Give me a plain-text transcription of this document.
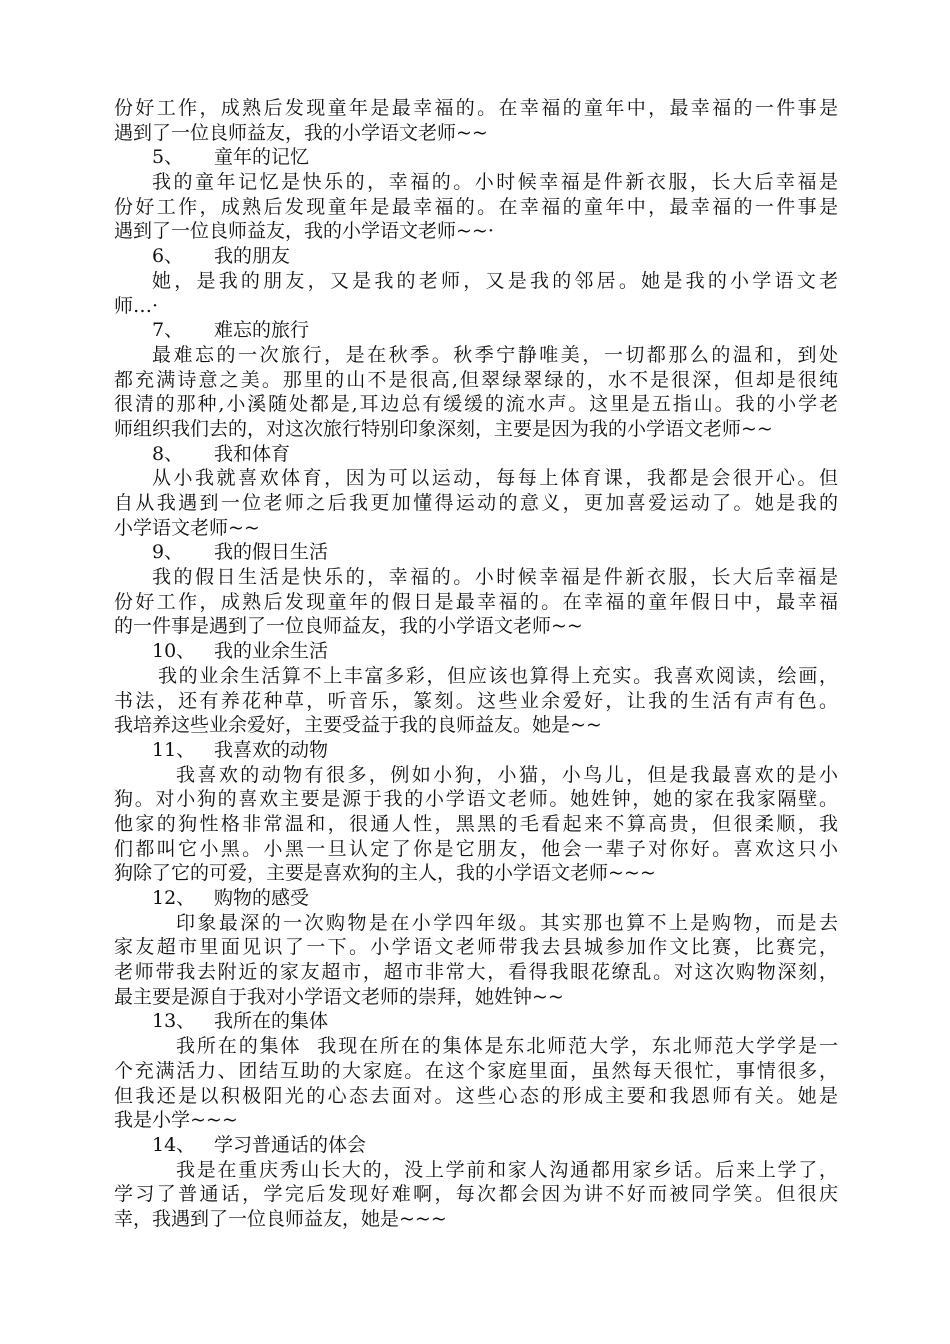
份好工作，成熟后发现童年是最幸福的。在幸福的童年中，最幸福的一件事是
遇到了一位良师益友，我的小学语文老师~~
5、 童年的记忆
我的童年记忆是快乐的，幸福的。小时候幸福是件新衣服，长大后幸福是
份好工作，成熟后发现童年是最幸福的。在幸福的童年中，最幸福的一件事是
遇到了一位良师益友，我的小学语文老师~~·
6、 我的朋友
她，是我的朋友，又是我的老师，又是我的邻居。她是我的小学语文老
师…·
7、 难忘的旅行
最难忘的一次旅行，是在秋季。秋季宁静唯美，一切都那么的温和，到处
都充满诗意之美。那里的山不是很高,但翠绿翠绿的，水不是很深，但却是很纯
很清的那种,小溪随处都是,耳边总有缓缓的流水声。这里是五指山。我的小学老
师组织我们去的，对这次旅行特别印象深刻，主要是因为我的小学语文老师~~
8、 我和体育
从小我就喜欢体育，因为可以运动，每每上体育课，我都是会很开心。但
自从我遇到一位老师之后我更加懂得运动的意义，更加喜爱运动了。她是我的
小学语文老师~~
9、 我的假日生活
我的假日生活是快乐的，幸福的。小时候幸福是件新衣服，长大后幸福是
份好工作，成熟后发现童年的假日是最幸福的。在幸福的童年假日中，最幸福
的一件事是遇到了一位良师益友，我的小学语文老师~~
10、 我的业余生活
我的业余生活算不上丰富多彩，但应该也算得上充实。我喜欢阅读，绘画，
书法，还有养花种草，听音乐，篆刻。这些业余爱好，让我的生活有声有色。
我培养这些业余爱好，主要受益于我的良师益友。她是~~
11、 我喜欢的动物
我喜欢的动物有很多，例如小狗，小猫，小鸟儿，但是我最喜欢的是小
狗。对小狗的喜欢主要是源于我的小学语文老师。她姓钟，她的家在我家隔壁。
他家的狗性格非常温和，很通人性，黑黑的毛看起来不算高贵，但很柔顺，我
们都叫它小黑。小黑一旦认定了你是它朋友，他会一辈子对你好。喜欢这只小
狗除了它的可爱，主要是喜欢狗的主人，我的小学语文老师~~~
12、 购物的感受
印象最深的一次购物是在小学四年级。其实那也算不上是购物，而是去
家友超市里面见识了一下。小学语文老师带我去县城参加作文比赛，比赛完，
老师带我去附近的家友超市，超市非常大，看得我眼花缭乱。对这次购物深刻，
最主要是源自于我对小学语文老师的崇拜，她姓钟~~
13、 我所在的集体
我所在的集体  我现在所在的集体是东北师范大学，东北师范大学学是一
个充满活力、团结互助的大家庭。在这个家庭里面，虽然每天很忙，事情很多，
但我还是以积极阳光的心态去面对。这些心态的形成主要和我恩师有关。她是
我是小学~~~
14、 学习普通话的体会
我是在重庆秀山长大的，没上学前和家人沟通都用家乡话。后来上学了，
学习了普通话，学完后发现好难啊，每次都会因为讲不好而被同学笑。但很庆
幸，我遇到了一位良师益友，她是~~~
